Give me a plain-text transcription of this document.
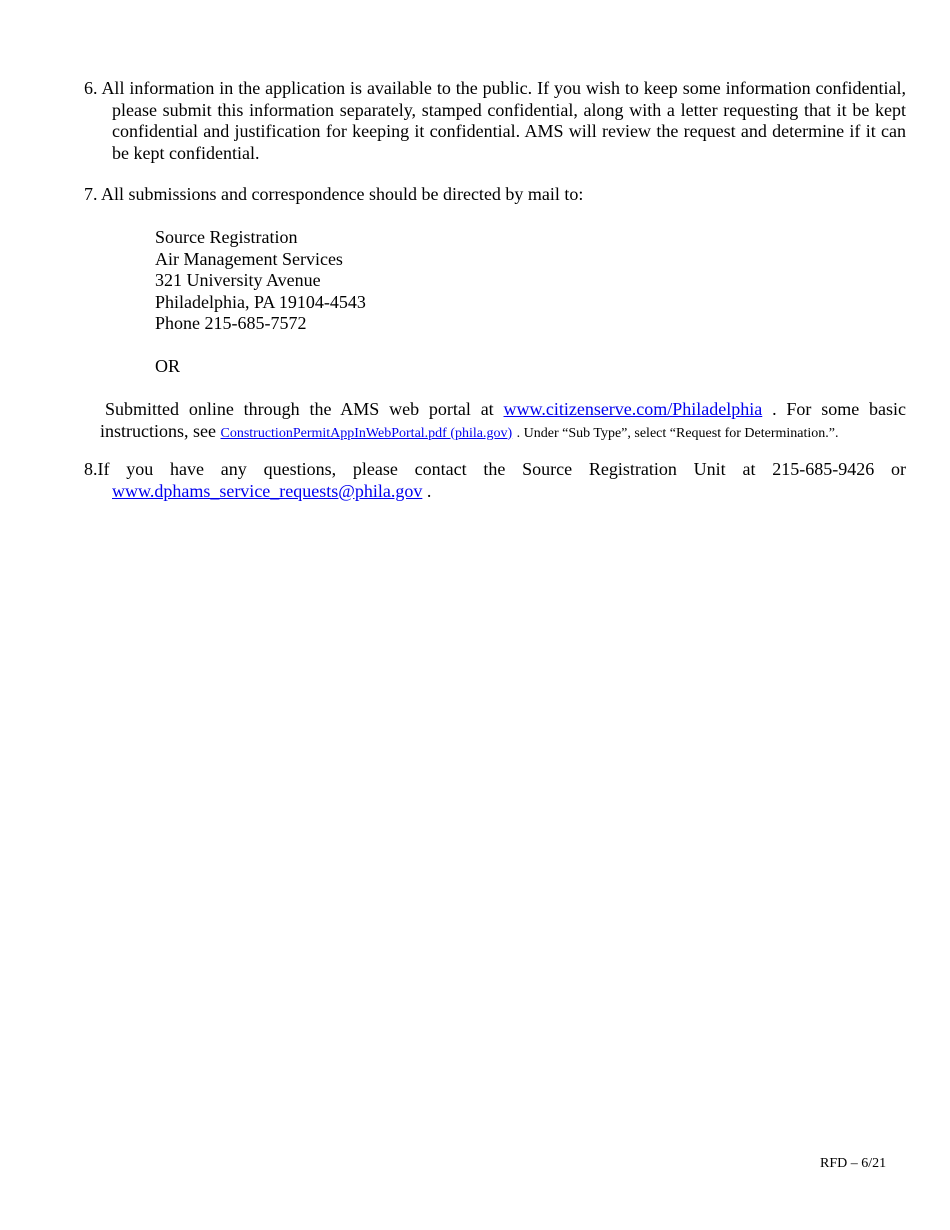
6. All information in the application is available to the public. If you wish to keep some information confidential, please submit this information separately, stamped confidential, along with a letter requesting that it be kept confidential and justification for keeping it confidential. AMS will review the request and determine if it can be kept confidential.
7. All submissions and correspondence should be directed by mail to:
Source Registration
Air Management Services
321 University Avenue
Philadelphia, PA 19104-4543
Phone 215-685-7572
OR
Submitted online through the AMS web portal at www.citizenserve.com/Philadelphia . For some basic
instructions, see ConstructionPermitAppInWebPortal.pdf (phila.gov) . Under “Sub Type”, select “Request for Determination.”.
8.If you have any questions, please contact the Source Registration Unit at 215-685-9426 or
www.dphams_service_requests@phila.gov .
RFD – 6/21
